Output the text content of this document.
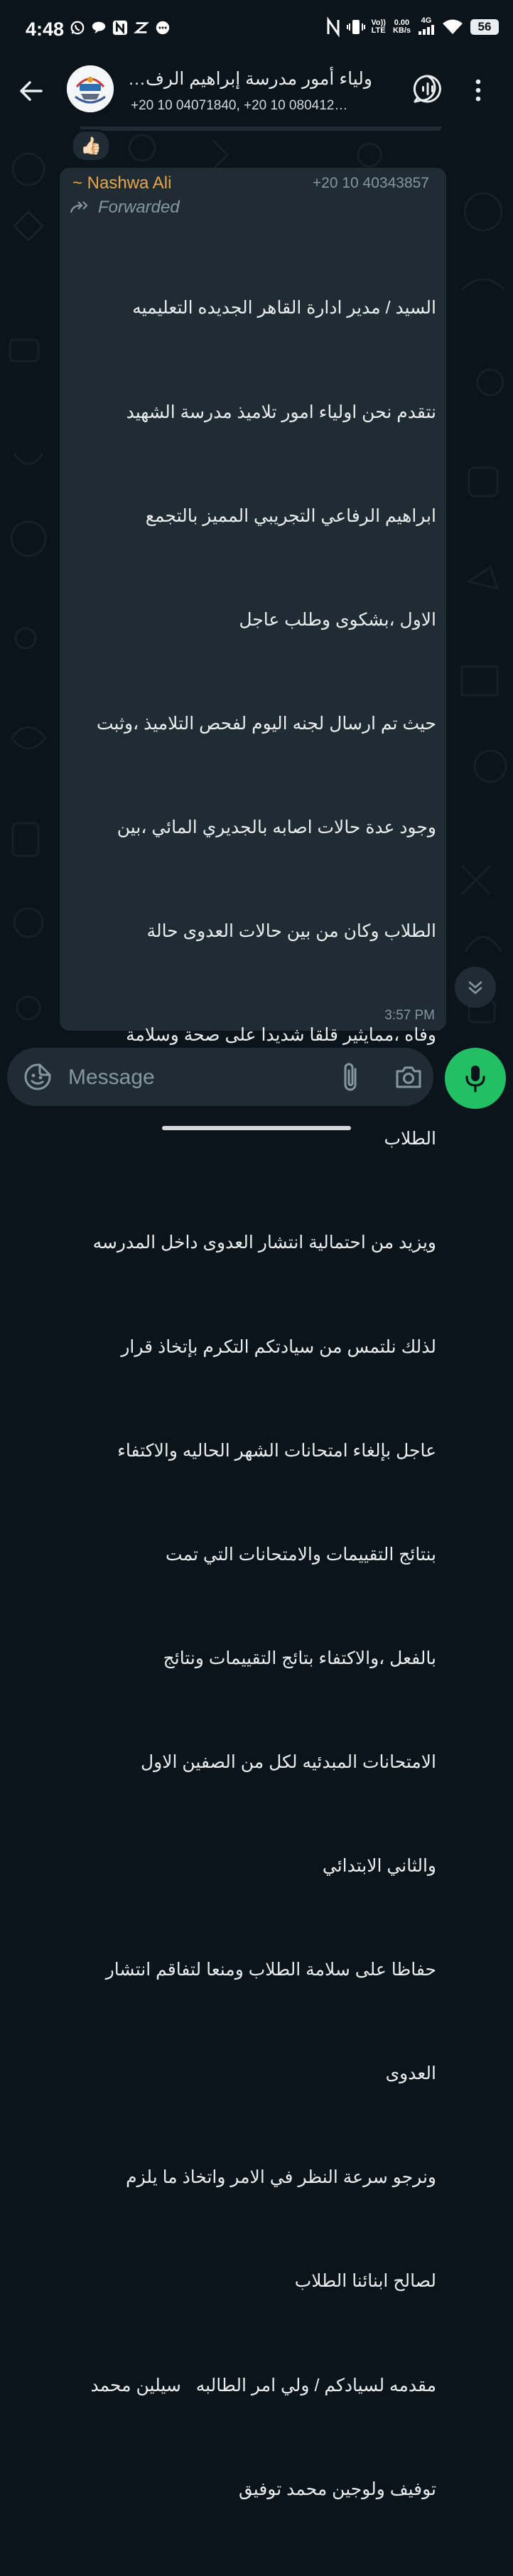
4:48	Vo))
LTE
0.00
KB/s
4G	56
ولياء أمور مدرسة إبراهيم الرف…
+20 10 04071840, +20 10 080412…
👍🏻
~ Nashwa Ali	+20 10 40343857
Forwarded

السيد / مدير ادارة القاهر الجديده التعليميه

نتقدم نحن اولياء امور تلاميذ مدرسة الشهيد

ابراهيم الرفاعي التجريبي المميز بالتجمع

الاول ،بشكوى وطلب عاجل

حيث تم ارسال لجنه اليوم لفحص التلاميذ ،وثبت

وجود عدة حالات اصابه بالجديري المائي ،بين

الطلاب وكان من بين حالات العدوى حالة

وفاه ،ممايثير قلقا شديدا على صحة وسلامة

الطلاب

ويزيد من احتمالية انتشار العدوى داخل المدرسه

لذلك نلتمس من سيادتكم التكرم بإتخاذ قرار

عاجل بإلغاء امتحانات الشهر الحاليه والاكتفاء

بنتائج التقييمات والامتحانات التي تمت

بالفعل ،والاكتفاء بتائج التقييمات ونتائج

الامتحانات المبدئيه لكل من الصفين الاول

والثاني الابتدائي

حفاظا على سلامة الطلاب ومنعا لتفاقم انتشار

العدوى

ونرجو سرعة النظر في الامر واتخاذ ما يلزم

لصالح ابنائنا الطلاب

مقدمه لسيادكم / ولي امر الطالبه   سيلين محمد

توفيف ولوجين محمد توفيق

3:57 PM
Message
